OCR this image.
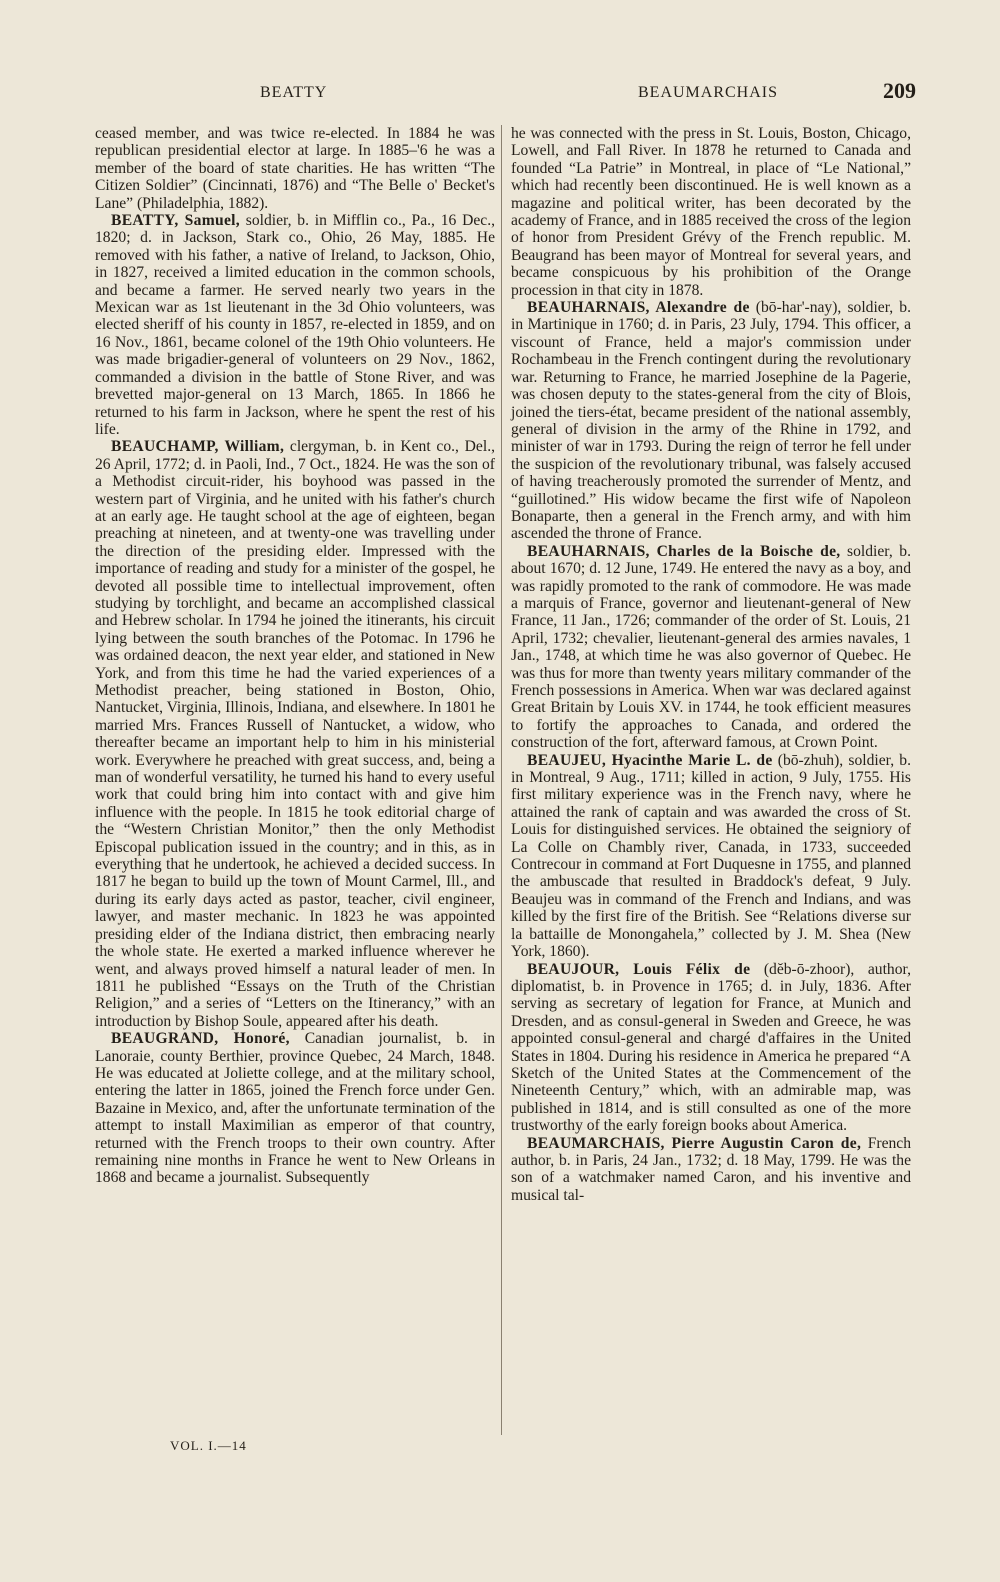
BEATTY	BEAUMARCHAIS	209

ceased member, and was twice re-elected. In 1884 he was republican presidential elector at large. In 1885–'6 he was a member of the board of state charities. He has written “The Citizen Soldier” (Cincinnati, 1876) and “The Belle o' Becket's Lane” (Philadelphia, 1882).

BEATTY, Samuel, soldier, b. in Mifflin co., Pa., 16 Dec., 1820; d. in Jackson, Stark co., Ohio, 26 May, 1885. He removed with his father, a native of Ireland, to Jackson, Ohio, in 1827, received a limited education in the common schools, and became a farmer. He served nearly two years in the Mexican war as 1st lieutenant in the 3d Ohio volunteers, was elected sheriff of his county in 1857, re-elected in 1859, and on 16 Nov., 1861, became colonel of the 19th Ohio volunteers. He was made brigadier-general of volunteers on 29 Nov., 1862, commanded a division in the battle of Stone River, and was brevetted major-general on 13 March, 1865. In 1866 he returned to his farm in Jackson, where he spent the rest of his life.

BEAUCHAMP, William, clergyman, b. in Kent co., Del., 26 April, 1772; d. in Paoli, Ind., 7 Oct., 1824. He was the son of a Methodist circuit-rider, his boyhood was passed in the western part of Virginia, and he united with his father's church at an early age. He taught school at the age of eighteen, began preaching at nineteen, and at twenty-one was travelling under the direction of the presiding elder. Impressed with the importance of reading and study for a minister of the gospel, he devoted all possible time to intellectual improvement, often studying by torchlight, and became an accomplished classical and Hebrew scholar. In 1794 he joined the itinerants, his circuit lying between the south branches of the Potomac. In 1796 he was ordained deacon, the next year elder, and stationed in New York, and from this time he had the varied experiences of a Methodist preacher, being stationed in Boston, Ohio, Nantucket, Virginia, Illinois, Indiana, and elsewhere. In 1801 he married Mrs. Frances Russell of Nantucket, a widow, who thereafter became an important help to him in his ministerial work. Everywhere he preached with great success, and, being a man of wonderful versatility, he turned his hand to every useful work that could bring him into contact with and give him influence with the people. In 1815 he took editorial charge of the “Western Christian Monitor,” then the only Methodist Episcopal publication issued in the country; and in this, as in everything that he undertook, he achieved a decided success. In 1817 he began to build up the town of Mount Carmel, Ill., and during its early days acted as pastor, teacher, civil engineer, lawyer, and master mechanic. In 1823 he was appointed presiding elder of the Indiana district, then embracing nearly the whole state. He exerted a marked influence wherever he went, and always proved himself a natural leader of men. In 1811 he published “Essays on the Truth of the Christian Religion,” and a series of “Letters on the Itinerancy,” with an introduction by Bishop Soule, appeared after his death.

BEAUGRAND, Honoré, Canadian journalist, b. in Lanoraie, county Berthier, province Quebec, 24 March, 1848. He was educated at Joliette college, and at the military school, entering the latter in 1865, joined the French force under Gen. Bazaine in Mexico, and, after the unfortunate termination of the attempt to install Maximilian as emperor of that country, returned with the French troops to their own country. After remaining nine months in France he went to New Orleans in 1868 and became a journalist. Subsequently

he was connected with the press in St. Louis, Boston, Chicago, Lowell, and Fall River. In 1878 he returned to Canada and founded “La Patrie” in Montreal, in place of “Le National,” which had recently been discontinued. He is well known as a magazine and political writer, has been decorated by the academy of France, and in 1885 received the cross of the legion of honor from President Grévy of the French republic. M. Beaugrand has been mayor of Montreal for several years, and became conspicuous by his prohibition of the Orange procession in that city in 1878.

BEAUHARNAIS, Alexandre de (bō-har'-nay), soldier, b. in Martinique in 1760; d. in Paris, 23 July, 1794. This officer, a viscount of France, held a major's commission under Rochambeau in the French contingent during the revolutionary war. Returning to France, he married Josephine de la Pagerie, was chosen deputy to the states-general from the city of Blois, joined the tiers-état, became president of the national assembly, general of division in the army of the Rhine in 1792, and minister of war in 1793. During the reign of terror he fell under the suspicion of the revolutionary tribunal, was falsely accused of having treacherously promoted the surrender of Mentz, and “guillotined.” His widow became the first wife of Napoleon Bonaparte, then a general in the French army, and with him ascended the throne of France.

BEAUHARNAIS, Charles de la Boische de, soldier, b. about 1670; d. 12 June, 1749. He entered the navy as a boy, and was rapidly promoted to the rank of commodore. He was made a marquis of France, governor and lieutenant-general of New France, 11 Jan., 1726; commander of the order of St. Louis, 21 April, 1732; chevalier, lieutenant-general des armies navales, 1 Jan., 1748, at which time he was also governor of Quebec. He was thus for more than twenty years military commander of the French possessions in America. When war was declared against Great Britain by Louis XV. in 1744, he took efficient measures to fortify the approaches to Canada, and ordered the construction of the fort, afterward famous, at Crown Point.

BEAUJEU, Hyacinthe Marie L. de (bō-zhuh), soldier, b. in Montreal, 9 Aug., 1711; killed in action, 9 July, 1755. His first military experience was in the French navy, where he attained the rank of captain and was awarded the cross of St. Louis for distinguished services. He obtained the seigniory of La Colle on Chambly river, Canada, in 1733, succeeded Contrecour in command at Fort Duquesne in 1755, and planned the ambuscade that resulted in Braddock's defeat, 9 July. Beaujeu was in command of the French and Indians, and was killed by the first fire of the British. See “Relations diverse sur la battaille de Monongahela,” collected by J. M. Shea (New York, 1860).

BEAUJOUR, Louis Félix de (dĕb-ō-zhoor), author, diplomatist, b. in Provence in 1765; d. in July, 1836. After serving as secretary of legation for France, at Munich and Dresden, and as consul-general in Sweden and Greece, he was appointed consul-general and chargé d'affaires in the United States in 1804. During his residence in America he prepared “A Sketch of the United States at the Commencement of the Nineteenth Century,” which, with an admirable map, was published in 1814, and is still consulted as one of the more trustworthy of the early foreign books about America.

BEAUMARCHAIS, Pierre Augustin Caron de, French author, b. in Paris, 24 Jan., 1732; d. 18 May, 1799. He was the son of a watchmaker named Caron, and his inventive and musical tal-

VOL. I.—14
